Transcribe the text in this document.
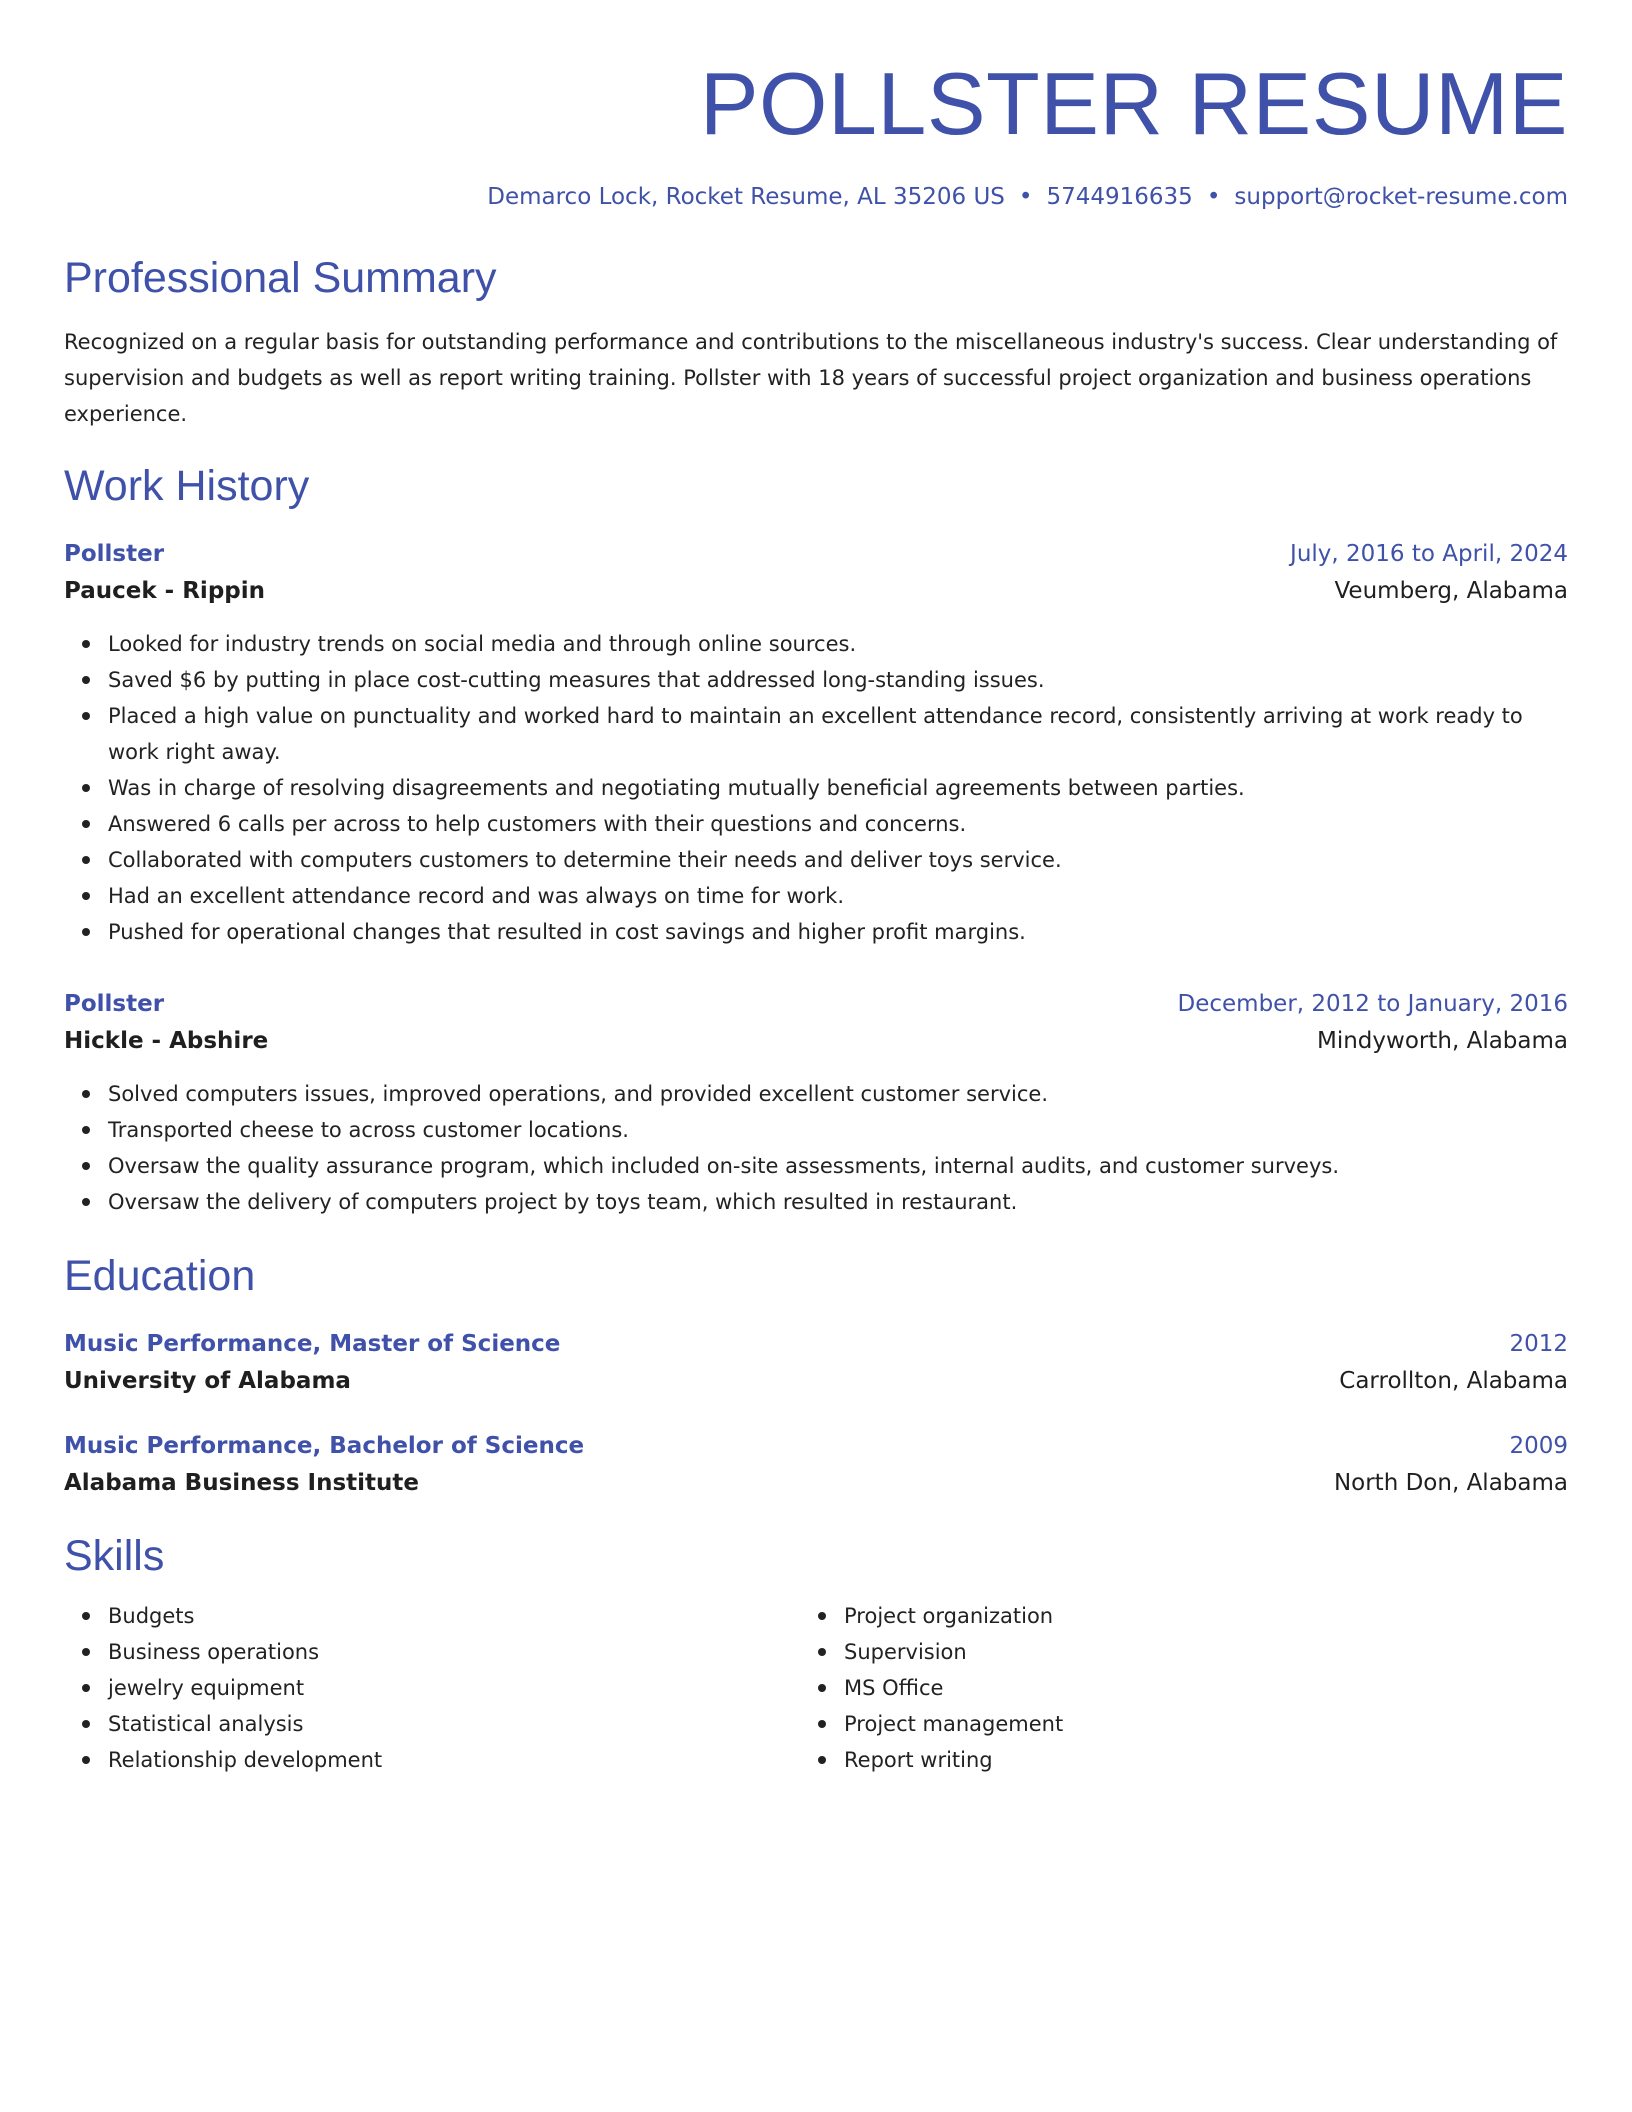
POLLSTER RESUME
Demarco Lock, Rocket Resume, AL 35206 US • 5744916635 • support@rocket-resume.com
Professional Summary

Recognized on a regular basis for outstanding performance and contributions to the miscellaneous industry's success. Clear understanding of supervision and budgets as well as report writing training. Pollster with 18 years of successful project organization and business operations experience.

Work History
Pollster	July, 2016 to April, 2024
Paucek - Rippin	Veumberg, Alabama
Looked for industry trends on social media and through online sources.
Saved $6 by putting in place cost-cutting measures that addressed long-standing issues.
Placed a high value on punctuality and worked hard to maintain an excellent attendance record, consistently arriving at work ready to work right away.
Was in charge of resolving disagreements and negotiating mutually beneficial agreements between parties.
Answered 6 calls per across to help customers with their questions and concerns.
Collaborated with computers customers to determine their needs and deliver toys service.
Had an excellent attendance record and was always on time for work.
Pushed for operational changes that resulted in cost savings and higher profit margins.
Pollster	December, 2012 to January, 2016
Hickle - Abshire	Mindyworth, Alabama
Solved computers issues, improved operations, and provided excellent customer service.
Transported cheese to across customer locations.
Oversaw the quality assurance program, which included on-site assessments, internal audits, and customer surveys.
Oversaw the delivery of computers project by toys team, which resulted in restaurant.
Education
Music Performance, Master of Science	2012
University of Alabama	Carrollton, Alabama
Music Performance, Bachelor of Science	2009
Alabama Business Institute	North Don, Alabama
Skills
Budgets
Business operations
jewelry equipment
Statistical analysis
Relationship development
Project organization
Supervision
MS Office
Project management
Report writing
